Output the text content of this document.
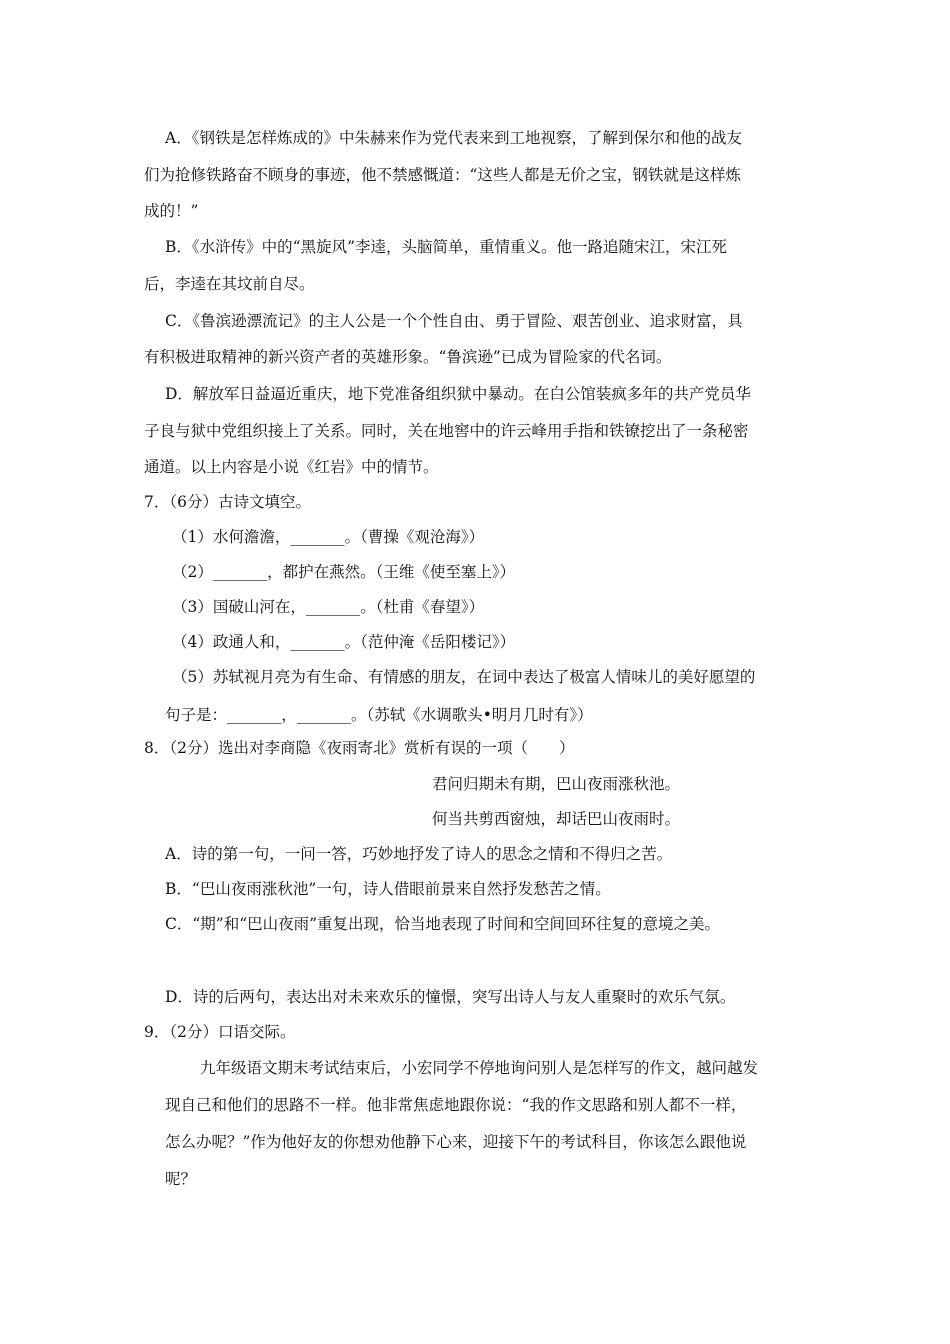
A．《钢铁是怎样炼成的》中朱赫来作为党代表来到工地视察，了解到保尔和他的战友
们为抢修铁路奋不顾身的事迹，他不禁感慨道：“这些人都是无价之宝，钢铁就是这样炼
成的！”
B．《水浒传》中的“黑旋风”李逵，头脑简单，重情重义。他一路追随宋江，宋江死
后，李逵在其坟前自尽。
C．《鲁滨逊漂流记》的主人公是一个个性自由、勇于冒险、艰苦创业、追求财富，具
有积极进取精神的新兴资产者的英雄形象。“鲁滨逊”已成为冒险家的代名词。
D．解放军日益逼近重庆，地下党准备组织狱中暴动。在白公馆装疯多年的共产党员华
子良与狱中党组织接上了关系。同时，关在地窖中的许云峰用手指和铁镣挖出了一条秘密
通道。以上内容是小说《红岩》中的情节。
7．（6分）古诗文填空。
（1）水何澹澹，_______。（曹操《观沧海》）
（2）_______，都护在燕然。（王维《使至塞上》）
（3）国破山河在，_______。（杜甫《春望》）
（4）政通人和，_______。（范仲淹《岳阳楼记》）
（5）苏轼视月亮为有生命、有情感的朋友，在词中表达了极富人情味儿的美好愿望的
句子是：_______，_______。（苏轼《水调歌头•明月几时有》）
8．（2分）选出对李商隐《夜雨寄北》赏析有误的一项（　　）
君问归期未有期，巴山夜雨涨秋池。
何当共剪西窗烛，却话巴山夜雨时。
A．诗的第一句，一问一答，巧妙地抒发了诗人的思念之情和不得归之苦。
B．“巴山夜雨涨秋池”一句，诗人借眼前景来自然抒发愁苦之情。
C．“期”和“巴山夜雨”重复出现，恰当地表现了时间和空间回环往复的意境之美。
D．诗的后两句，表达出对未来欢乐的憧憬，突写出诗人与友人重聚时的欢乐气氛。
9．（2分）口语交际。
九年级语文期末考试结束后，小宏同学不停地询问别人是怎样写的作文，越问越发
现自己和他们的思路不一样。他非常焦虑地跟你说：“我的作文思路和别人都不一样，
怎么办呢？”作为他好友的你想劝他静下心来，迎接下午的考试科目，你该怎么跟他说
呢？
